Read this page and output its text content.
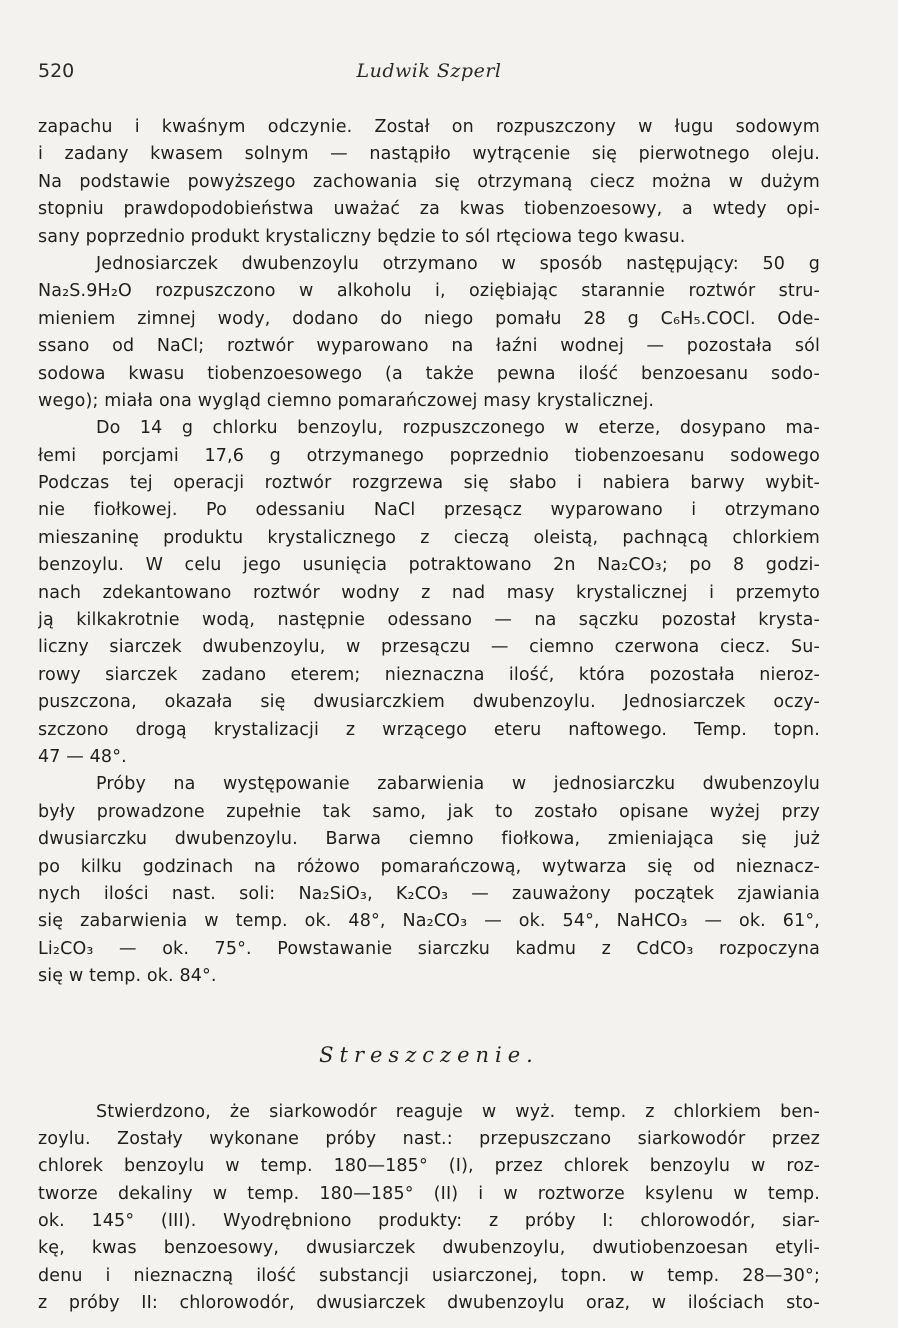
520	Ludwik Szperl
zapachu i kwaśnym odczynie. Został on rozpuszczony w ługu sodowym
i zadany kwasem solnym — nastąpiło wytrącenie się pierwotnego oleju.
Na podstawie powyższego zachowania się otrzymaną ciecz można w dużym
stopniu prawdopodobieństwa uważać za kwas tiobenzoesowy, a wtedy opi-
sany poprzednio produkt krystaliczny będzie to sól rtęciowa tego kwasu.
Jednosiarczek dwubenzoylu otrzymano w sposób następujący: 50 g
Na₂S.9H₂O rozpuszczono w alkoholu i, oziębiając starannie roztwór stru-
mieniem zimnej wody, dodano do niego pomału 28 g C₆H₅.COCl. Ode-
ssano od NaCl; roztwór wyparowano na łaźni wodnej — pozostała sól
sodowa kwasu tiobenzoesowego (a także pewna ilość benzoesanu sodo-
wego); miała ona wygląd ciemno pomarańczowej masy krystalicznej.
Do 14 g chlorku benzoylu, rozpuszczonego w eterze, dosypano ma-
łemi porcjami 17,6 g otrzymanego poprzednio tiobenzoesanu sodowego
Podczas tej operacji roztwór rozgrzewa się słabo i nabiera barwy wybit-
nie fiołkowej. Po odessaniu NaCl przesącz wyparowano i otrzymano
mieszaninę produktu krystalicznego z cieczą oleistą, pachnącą chlorkiem
benzoylu. W celu jego usunięcia potraktowano 2n Na₂CO₃; po 8 godzi-
nach zdekantowano roztwór wodny z nad masy krystalicznej i przemyto
ją kilkakrotnie wodą, następnie odessano — na sączku pozostał krysta-
liczny siarczek dwubenzoylu, w przesączu — ciemno czerwona ciecz. Su-
rowy siarczek zadano eterem; nieznaczna ilość, która pozostała nieroz-
puszczona, okazała się dwusiarczkiem dwubenzoylu. Jednosiarczek oczy-
szczono drogą krystalizacji z wrzącego eteru naftowego. Temp. topn.
47 — 48°.
Próby na występowanie zabarwienia w jednosiarczku dwubenzoylu
były prowadzone zupełnie tak samo, jak to zostało opisane wyżej przy
dwusiarczku dwubenzoylu. Barwa ciemno fiołkowa, zmieniająca się już
po kilku godzinach na różowo pomarańczową, wytwarza się od nieznacz-
nych ilości nast. soli: Na₂SiO₃, K₂CO₃ — zauważony początek zjawiania
się zabarwienia w temp. ok. 48°, Na₂CO₃ — ok. 54°, NaHCO₃ — ok. 61°,
Li₂CO₃ — ok. 75°. Powstawanie siarczku kadmu z CdCO₃ rozpoczyna
się w temp. ok. 84°.
Streszczenie.
Stwierdzono, że siarkowodór reaguje w wyż. temp. z chlorkiem ben-
zoylu. Zostały wykonane próby nast.: przepuszczano siarkowodór przez
chlorek benzoylu w temp. 180—185° (I), przez chlorek benzoylu w roz-
tworze dekaliny w temp. 180—185° (II) i w roztworze ksylenu w temp.
ok. 145° (III). Wyodrębniono produkty: z próby I: chlorowodór, siar-
kę, kwas benzoesowy, dwusiarczek dwubenzoylu, dwutiobenzoesan etyli-
denu i nieznaczną ilość substancji usiarczonej, topn. w temp. 28—30°;
z próby II: chlorowodór, dwusiarczek dwubenzoylu oraz, w ilościach sto-
